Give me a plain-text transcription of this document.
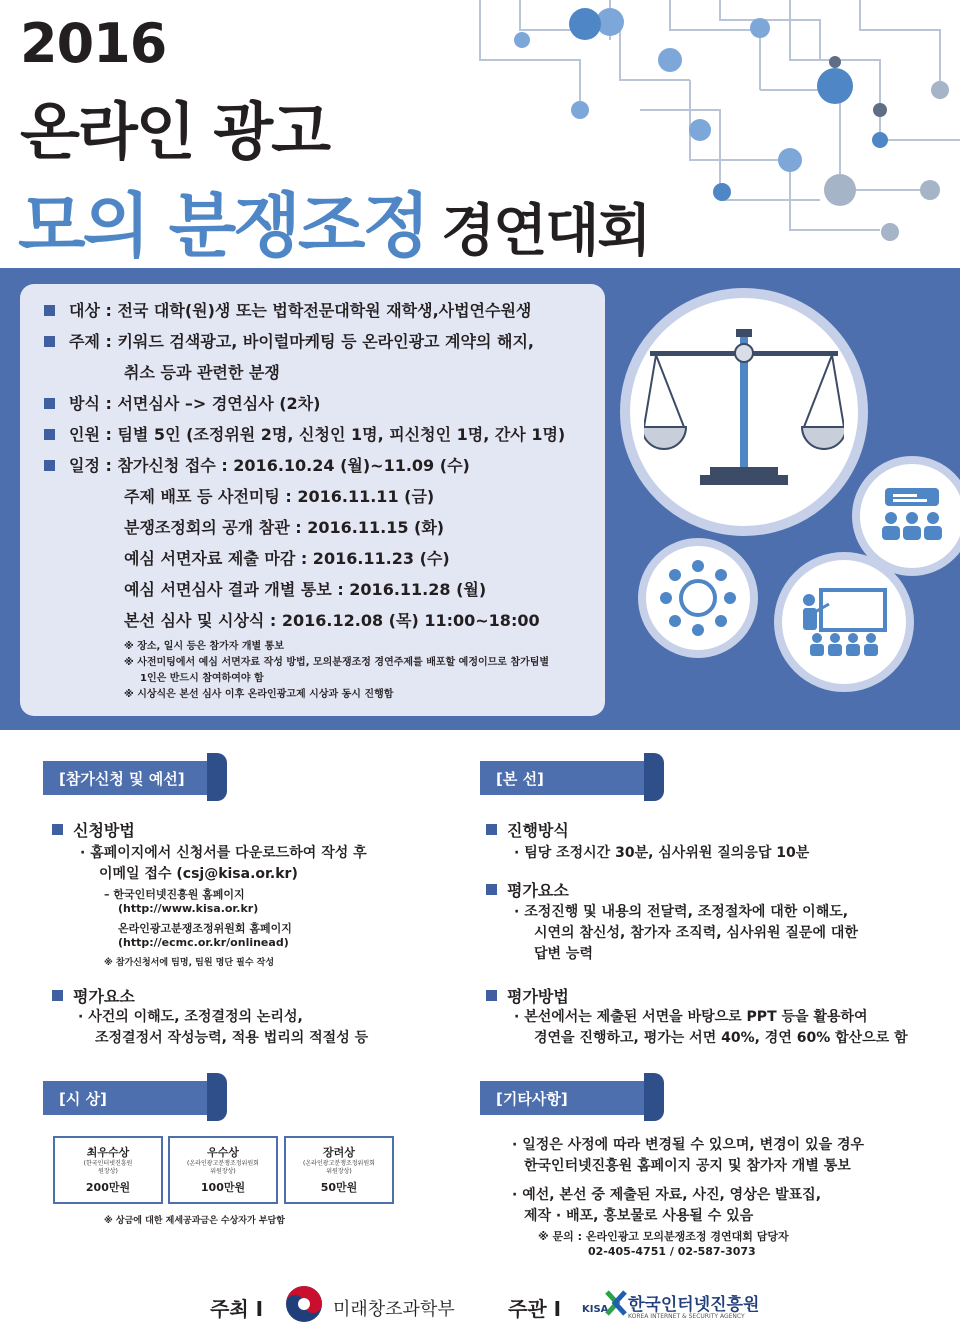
2016
온라인 광고
모의 분쟁조정 경연대회
대상 : 전국 대학(원)생 또는 법학전문대학원 재학생,사법연수원생
주제 : 키워드 검색광고, 바이럴마케팅 등 온라인광고 계약의 해지,
취소 등과 관련한 분쟁
방식 : 서면심사 –> 경연심사 (2차)
인원 : 팀별 5인 (조정위원 2명, 신청인 1명, 피신청인 1명, 간사 1명)
일정 : 참가신청 접수 : 2016.10.24 (월)~11.09 (수)
주제 배포 등 사전미팅 : 2016.11.11 (금)
분쟁조정회의 공개 참관 : 2016.11.15 (화)
예심 서면자료 제출 마감 : 2016.11.23 (수)
예심 서면심사 결과 개별 통보 : 2016.11.28 (월)
본선 심사 및 시상식 : 2016.12.08 (목) 11:00~18:00
※ 장소, 일시 등은 참가자 개별 통보
※ 사전미팅에서 예심 서면자료 작성 방법, 모의분쟁조정 경연주제를 배포할 예정이므로 참가팀별
1인은 반드시 참여하여야 함
※ 시상식은 본선 심사 이후 온라인광고제 시상과 동시 진행함
[참가신청 및 예선]
신청방법
· 홈페이지에서 신청서를 다운로드하여 작성 후
이메일 접수 (csj@kisa.or.kr)
– 한국인터넷진흥원 홈페이지
(http://www.kisa.or.kr)
온라인광고분쟁조정위원회 홈페이지
(http://ecmc.or.kr/onlinead)
※ 참가신청서에 팀명, 팀원 명단 필수 작성
평가요소
· 사건의 이해도, 조정결정의 논리성,
조정결정서 작성능력, 적용 법리의 적절성 등
[시 상]
최우수상
(한국인터넷진흥원
원장상)
200만원
우수상
(온라인광고분쟁조정위원회
위원장상)
100만원
장려상
(온라인광고분쟁조정위원회
위원장상)
50만원
※ 상금에 대한 제세공과금은 수상자가 부담함
[본 선]
진행방식
· 팀당 조정시간 30분, 심사위원 질의응답 10분
평가요소
· 조정진행 및 내용의 전달력, 조정절차에 대한 이해도,
시연의 참신성, 참가자 조직력, 심사위원 질문에 대한
답변 능력
평가방법
· 본선에서는 제출된 서면을 바탕으로 PPT 등을 활용하여
경연을 진행하고, 평가는 서면 40%, 경연 60% 합산으로 함
[기타사항]
· 일정은 사정에 따라 변경될 수 있으며, 변경이 있을 경우
한국인터넷진흥원 홈페이지 공지 및 참가자 개별 통보
· 예선, 본선 중 제출된 자료, 사진, 영상은 발표집,
제작 · 배포, 홍보물로 사용될 수 있음
※ 문의 : 온라인광고 모의분쟁조정 경연대회 담당자
02-405-4751 / 02-587-3073
주최 I	미래창조과학부	주관 I KISA 한국인터넷진흥원
KOREA INTERNET & SECURITY AGENCY
